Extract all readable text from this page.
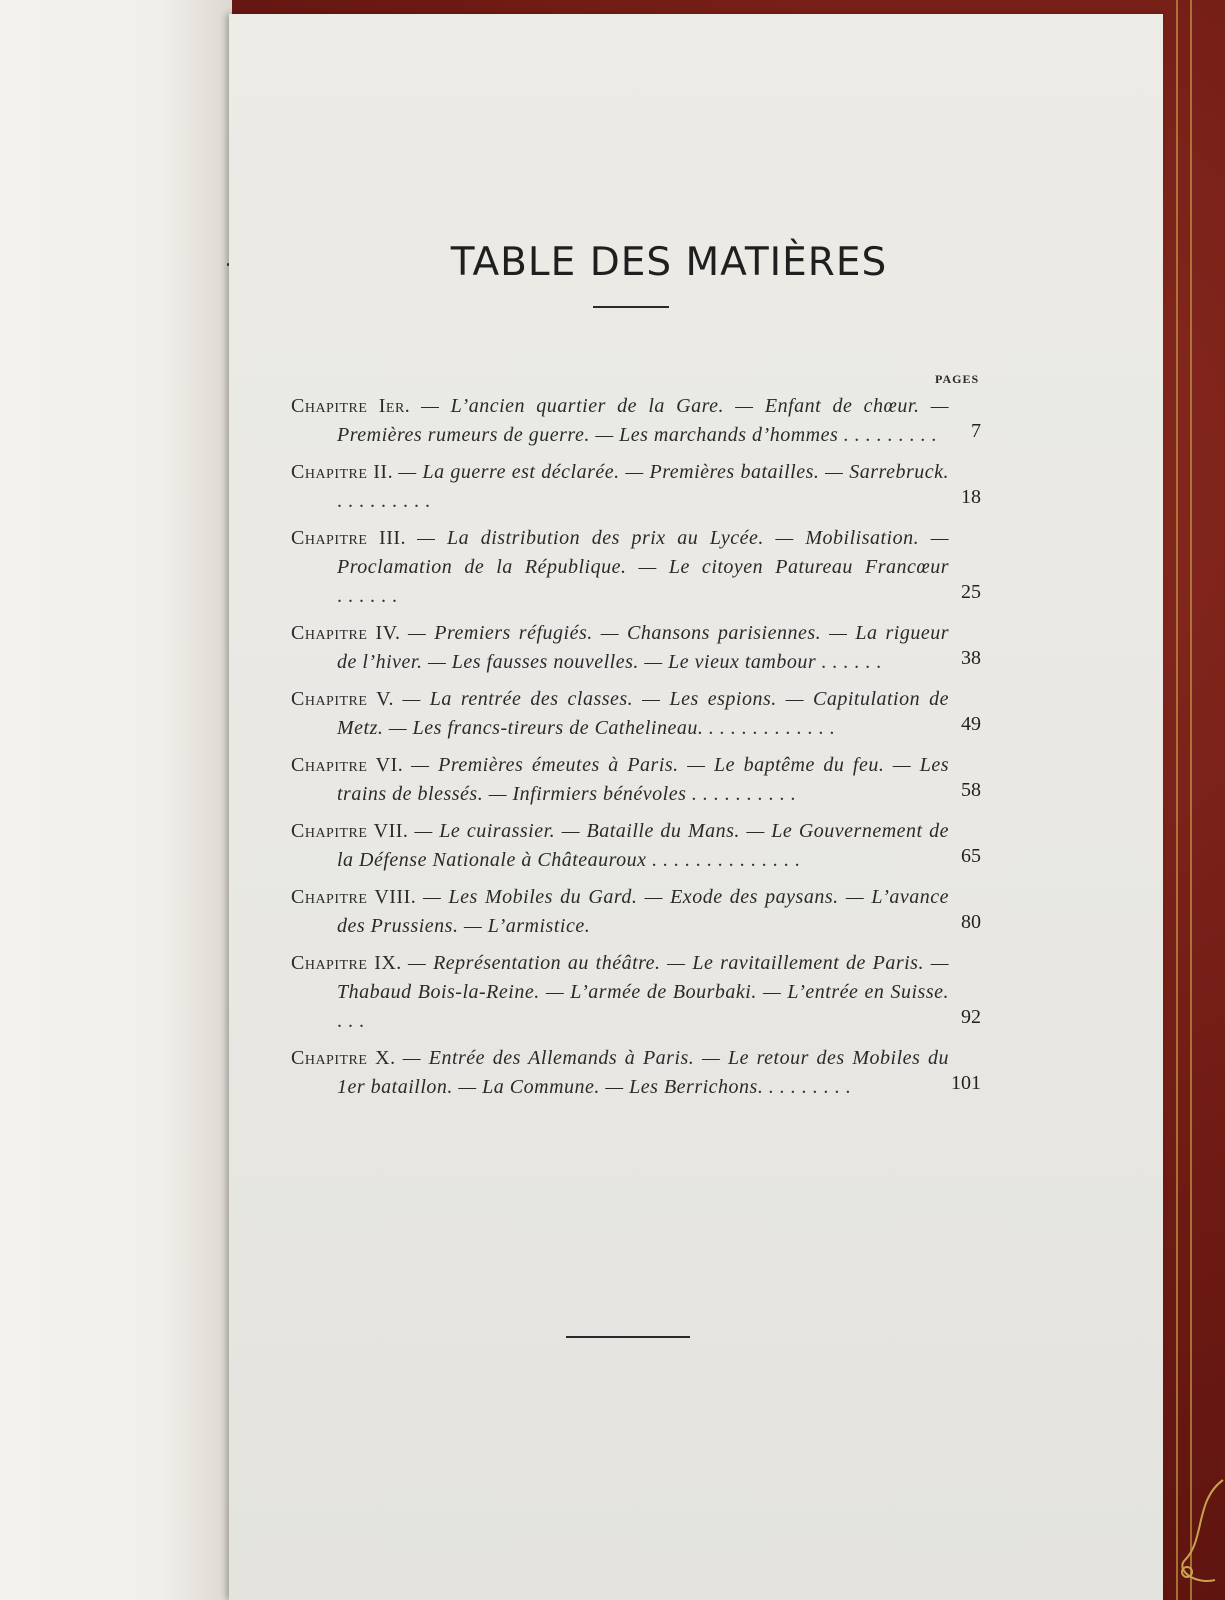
TABLE DES MATIÈRES
PAGES
Chapitre Ier. — L’ancien quartier de la Gare. — Enfant de chœur. — Premières rumeurs de guerre. — Les marchands d’hommes .........	7
Chapitre II. — La guerre est déclarée. — Premières batailles. — Sarrebruck. .........	18
Chapitre III. — La distribution des prix au Lycée. — Mobilisation. — Proclamation de la République. — Le citoyen Patureau Francœur ......	25
Chapitre IV. — Premiers réfugiés. — Chansons parisiennes. — La rigueur de l’hiver. — Les fausses nouvelles. — Le vieux tambour ......	38
Chapitre V. — La rentrée des classes. — Les espions. — Capitulation de Metz. — Les francs-tireurs de Cathelineau. ............	49
Chapitre VI. — Premières émeutes à Paris. — Le baptême du feu. — Les trains de blessés. — Infirmiers bénévoles ..........	58
Chapitre VII. — Le cuirassier. — Bataille du Mans. — Le Gouvernement de la Défense Nationale à Châteauroux ..............	65
Chapitre VIII. — Les Mobiles du Gard. — Exode des paysans. — L’avance des Prussiens. — L’armistice.	80
Chapitre IX. — Représentation au théâtre. — Le ravitaillement de Paris. — Thabaud Bois-la-Reine. — L’armée de Bourbaki. — L’entrée en Suisse. ...	92
Chapitre X. — Entrée des Allemands à Paris. — Le retour des Mobiles du 1er bataillon. — La Commune. — Les Berrichons. ........	101
